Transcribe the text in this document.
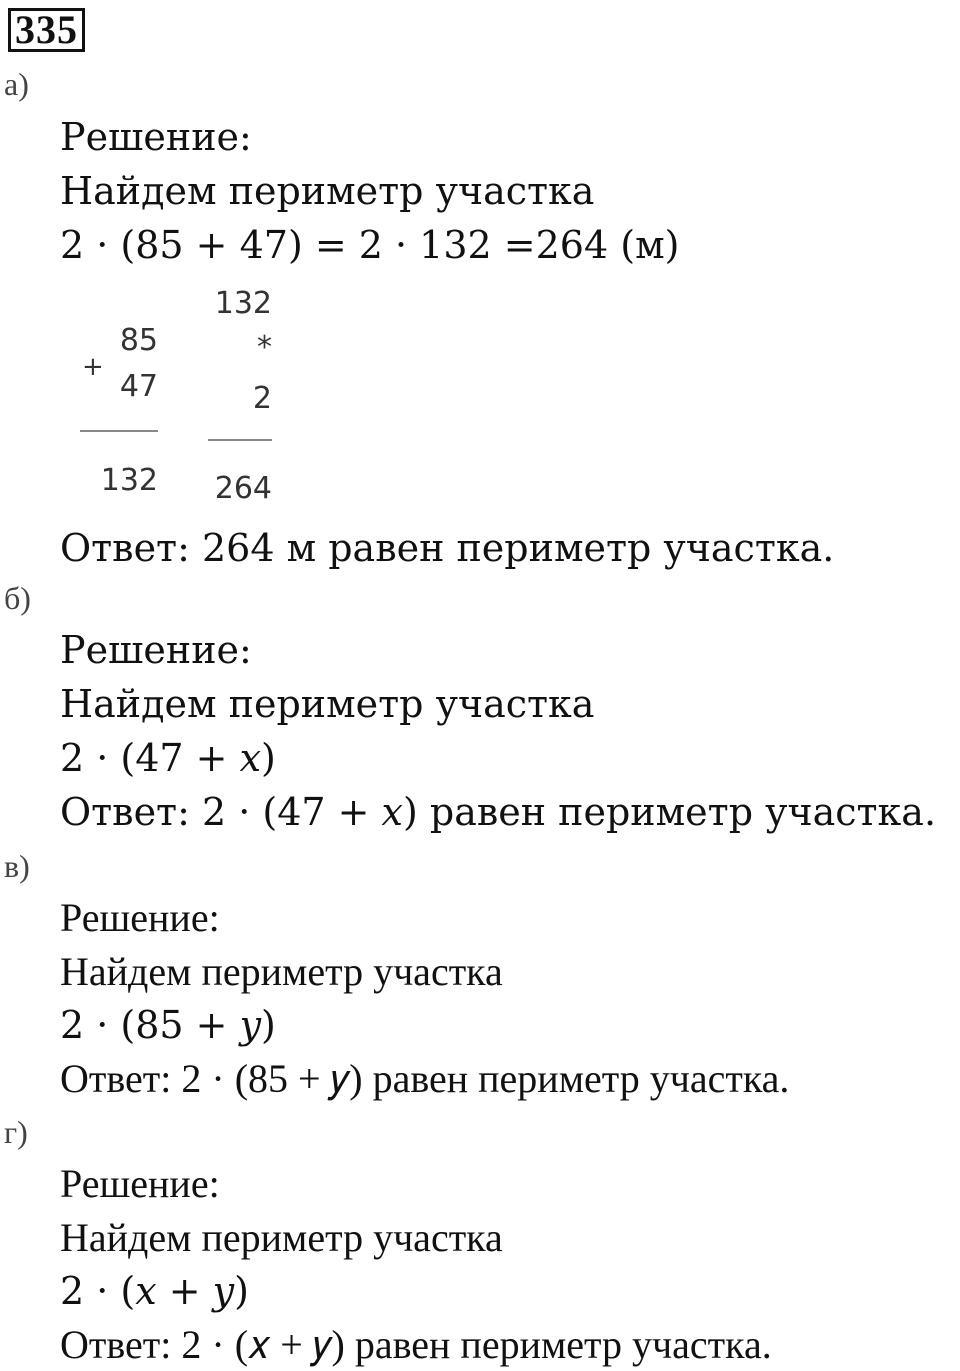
335
а)
Решение:
Найдем периметр участка
2 · (85 + 47) = 2 · 132 =264 (м)
+
85
47
132
132
*
2
264
Ответ: 264 м равен периметр участка.
б)
Решение:
Найдем периметр участка
2 · (47 + 𝑥)
Ответ: 2 · (47 + 𝑥) равен периметр участка.
в)
Решение:
Найдем периметр участка
2 · (85 + 𝑦)
Ответ: 2 · (85 + 𝑦) равен периметр участка.
г)
Решение:
Найдем периметр участка
2 · (𝑥 + 𝑦)
Ответ: 2 · (𝑥 + 𝑦) равен периметр участка.
